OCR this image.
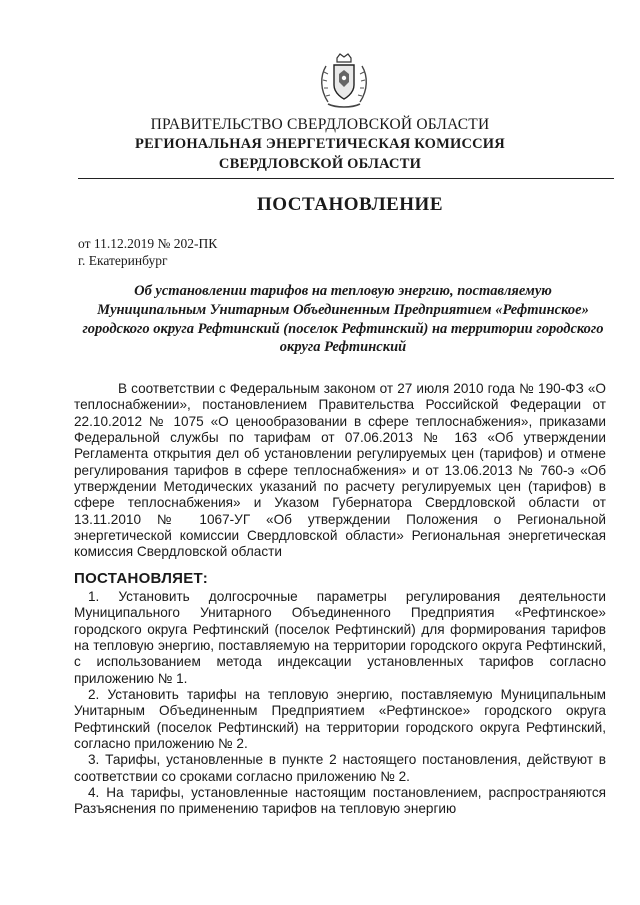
ПРАВИТЕЛЬСТВО СВЕРДЛОВСКОЙ ОБЛАСТИ
РЕГИОНАЛЬНАЯ ЭНЕРГЕТИЧЕСКАЯ КОМИССИЯ
СВЕРДЛОВСКОЙ ОБЛАСТИ
ПОСТАНОВЛЕНИЕ
от 11.12.2019 № 202-ПК
г. Екатеринбург
Об установлении тарифов на тепловую энергию, поставляемую Муниципальным Унитарным Объединенным Предприятием «Рефтинское» городского округа Рефтинский (поселок Рефтинский) на территории городского округа Рефтинский

В соответствии с Федеральным законом от 27 июля 2010 года № 190-ФЗ «О теплоснабжении», постановлением Правительства Российской Федерации от 22.10.2012 № 1075 «О ценообразовании в сфере теплоснабжения», приказами Федеральной службы по тарифам от 07.06.2013 № 163 «Об утверждении Регламента открытия дел об установлении регулируемых цен (тарифов) и отмене регулирования тарифов в сфере теплоснабжения» и от 13.06.2013 № 760-э «Об утверждении Методических указаний по расчету регулируемых цен (тарифов) в сфере теплоснабжения» и Указом Губернатора Свердловской области от 13.11.2010 № 1067-УГ «Об утверждении Положения о Региональной энергетической комиссии Свердловской области» Региональная энергетическая комиссия Свердловской области

ПОСТАНОВЛЯЕТ:

1. Установить долгосрочные параметры регулирования деятельности Муниципального Унитарного Объединенного Предприятия «Рефтинское» городского округа Рефтинский (поселок Рефтинский) для формирования тарифов на тепловую энергию, поставляемую на территории городского округа Рефтинский, с использованием метода индексации установленных тарифов согласно приложению № 1.

2. Установить тарифы на тепловую энергию, поставляемую Муниципальным Унитарным Объединенным Предприятием «Рефтинское» городского округа Рефтинский (поселок Рефтинский) на территории городского округа Рефтинский, согласно приложению № 2.

3. Тарифы, установленные в пункте 2 настоящего постановления, действуют в соответствии со сроками согласно приложению № 2.

4. На тарифы, установленные настоящим постановлением, распространяются Разъяснения по применению тарифов на тепловую энергию
